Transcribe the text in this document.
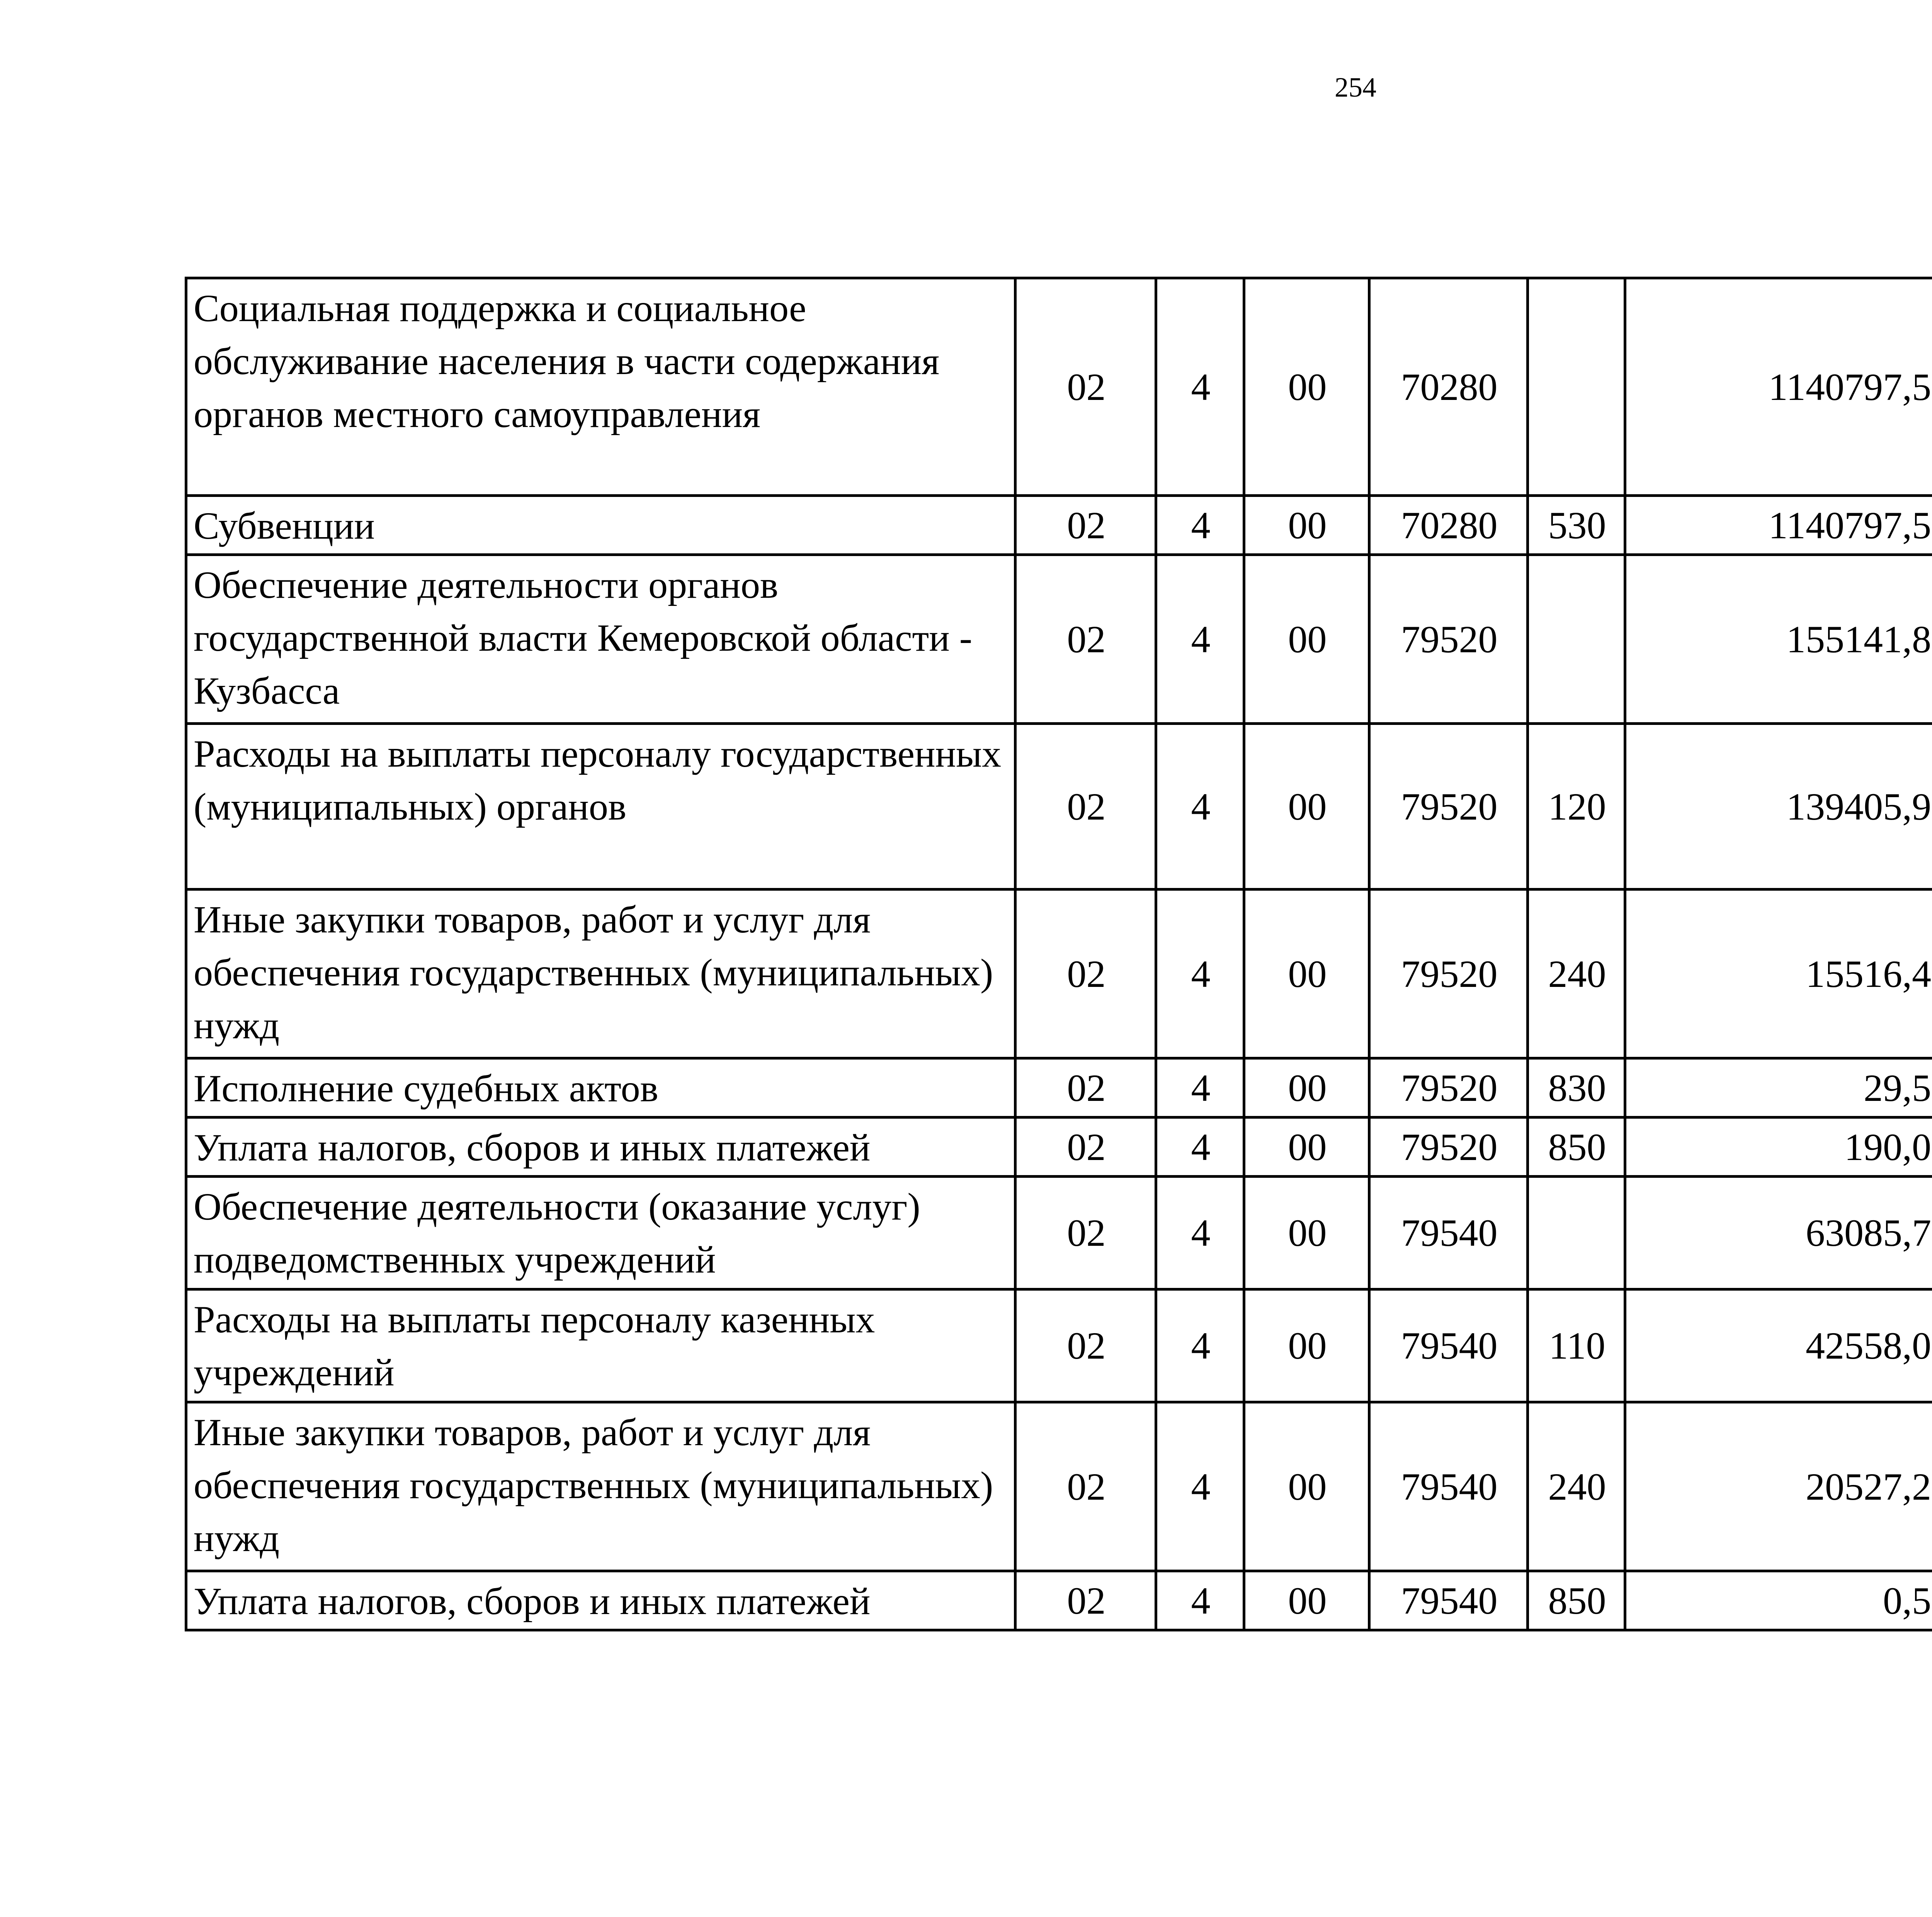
254
Социальная поддержка и социальное обслуживание населения в части содержания органов местного самоуправления	02	4	00	70280		1140797,5		
Субвенции	02	4	00	70280	530	1140797,5		
Обеспечение деятельности органов государственной власти Кемеровской области - Кузбасса	02	4	00	79520		155141,8		
Расходы на выплаты персоналу государственных (муниципальных) органов	02	4	00	79520	120	139405,9		
Иные закупки товаров, работ и услуг для обеспечения государственных (муниципальных) нужд	02	4	00	79520	240	15516,4		
Исполнение судебных актов	02	4	00	79520	830	29,5		
Уплата налогов, сборов и иных платежей	02	4	00	79520	850	190,0		
Обеспечение деятельности (оказание услуг) подведомственных учреждений	02	4	00	79540		63085,7		
Расходы на выплаты персоналу казенных учреждений	02	4	00	79540	110	42558,0		
Иные закупки товаров, работ и услуг для обеспечения государственных (муниципальных) нужд	02	4	00	79540	240	20527,2		
Уплата налогов, сборов и иных платежей	02	4	00	79540	850	0,5		
